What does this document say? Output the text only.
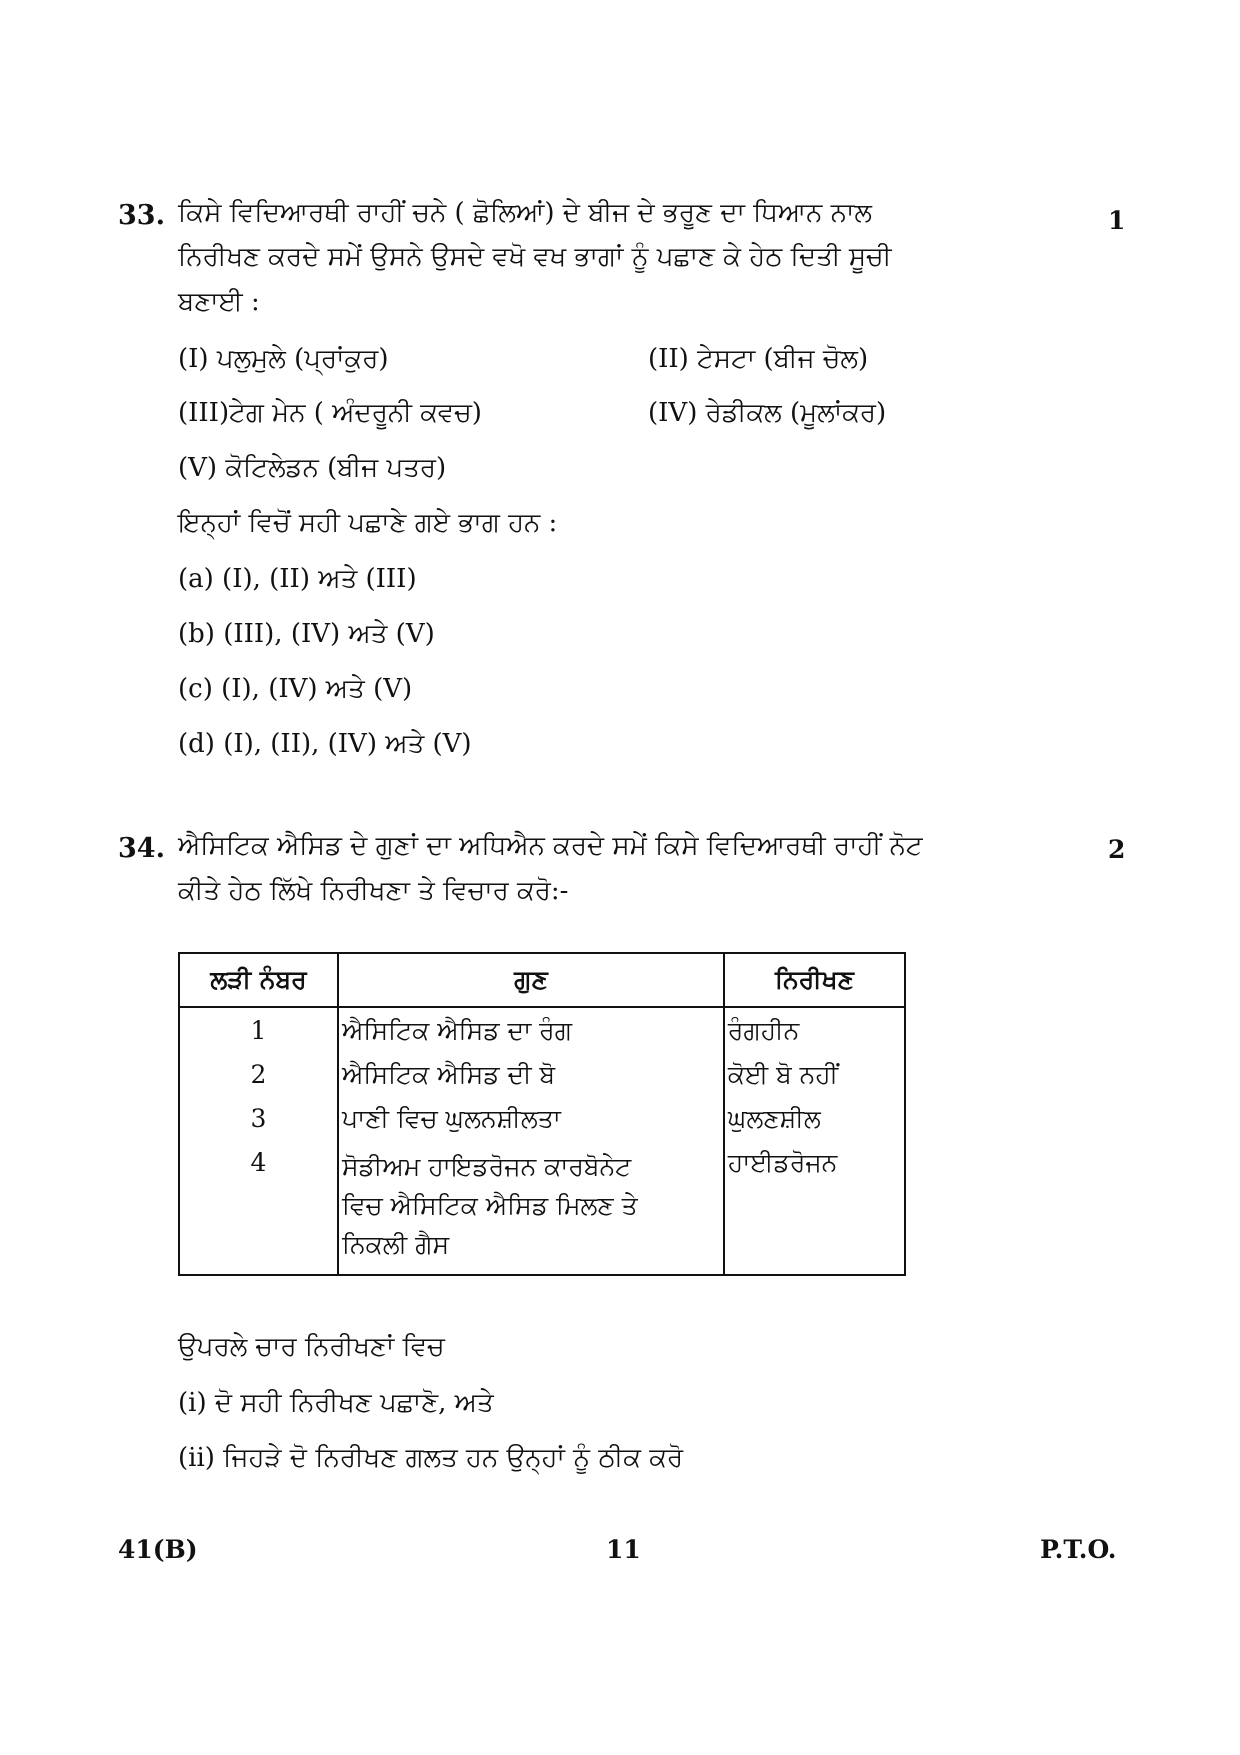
33.	1
ਕਿਸੇ ਵਿਦਿਆਰਥੀ ਰਾਹੀਂ ਚਨੇ ( ਛੋਲਿਆਂ) ਦੇ ਬੀਜ ਦੇ ਭਰੂਣ ਦਾ ਧਿਆਨ ਨਾਲ
ਨਿਰੀਖਣ ਕਰਦੇ ਸਮੇਂ ਉਸਨੇ ਉਸਦੇ ਵਖੋ ਵਖ ਭਾਗਾਂ ਨੂੰ ਪਛਾਣ ਕੇ ਹੇਠ ਦਿਤੀ ਸੂਚੀ
ਬਣਾਈ :
(I) ਪਲੁਮੁਲੇ (ਪ੍ਰਾਂਕੁਰ)	(II) ਟੇਸਟਾ (ਬੀਜ ਚੋਲ)
(III)ਟੇਗ ਮੇਨ ( ਅੰਦਰੂਨੀ ਕਵਚ)	(IV) ਰੇਡੀਕਲ (ਮੂਲਾਂਕਰ)
(V) ਕੋਟਿਲੇਡਨ (ਬੀਜ ਪਤਰ)
ਇਨ੍ਹਾਂ ਵਿਚੋਂ ਸਹੀ ਪਛਾਣੇ ਗਏ ਭਾਗ ਹਨ :
(a) (I), (II) ਅਤੇ (III)
(b) (III), (IV) ਅਤੇ (V)
(c) (I), (IV) ਅਤੇ (V)
(d) (I), (II), (IV) ਅਤੇ (V)
34.	2
ਐਸਿਟਿਕ ਐਸਿਡ ਦੇ ਗੁਣਾਂ ਦਾ ਅਧਿਐਨ ਕਰਦੇ ਸਮੇਂ ਕਿਸੇ ਵਿਦਿਆਰਥੀ ਰਾਹੀਂ ਨੋਟ
ਕੀਤੇ ਹੇਠ ਲਿੱਖੇ ਨਿਰੀਖਣਾ ਤੇ ਵਿਚਾਰ ਕਰੋ:-
ਲੜੀ ਨੰਬਰ	ਗੁਣ	ਨਿਰੀਖਣ
1	ਐਸਿਟਿਕ ਐਸਿਡ ਦਾ ਰੰਗ	ਰੰਗਹੀਨ
2	ਐਸਿਟਿਕ ਐਸਿਡ ਦੀ ਬੋ	ਕੋਈ ਬੋ ਨਹੀਂ
3	ਪਾਣੀ ਵਿਚ ਘੁਲਨਸ਼ੀਲਤਾ	ਘੁਲਣਸ਼ੀਲ
4	ਸੋਡੀਅਮ ਹਾਇਡਰੋਜਨ ਕਾਰਬੋਨੇਟ
ਵਿਚ ਐਸਿਟਿਕ ਐਸਿਡ ਮਿਲਣ ਤੇ
ਨਿਕਲੀ ਗੈਸ	ਹਾਈਡਰੋਜਨ
ਉਪਰਲੇ ਚਾਰ ਨਿਰੀਖਣਾਂ ਵਿਚ
(i) ਦੋ ਸਹੀ ਨਿਰੀਖਣ ਪਛਾਣੋ, ਅਤੇ
(ii) ਜਿਹੜੇ ਦੋ ਨਿਰੀਖਣ ਗਲਤ ਹਨ ਉਨ੍ਹਾਂ ਨੂੰ ਠੀਕ ਕਰੋ
41(B)	11	P.T.O.
